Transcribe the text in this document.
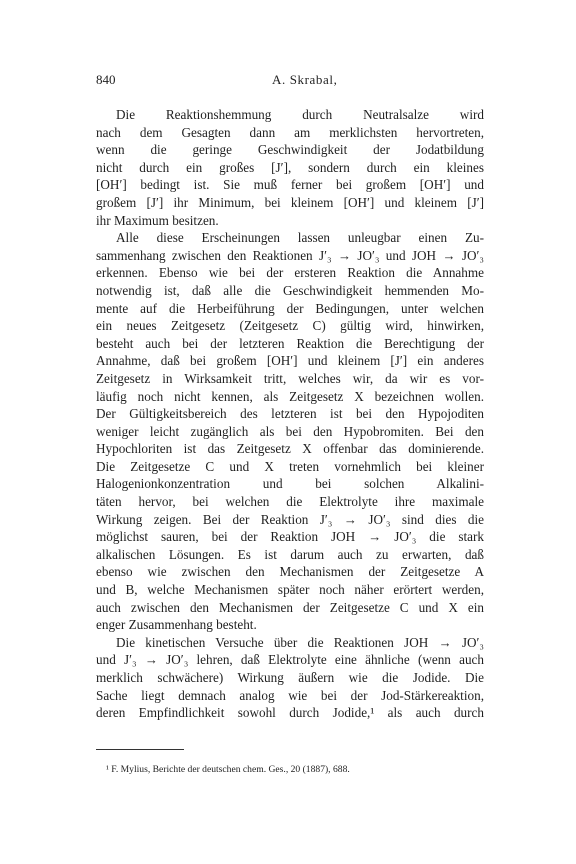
840	A. Skrabal,
Die Reaktionshemmung durch Neutralsalze wird
nach dem Gesagten dann am merklichsten hervortreten,
wenn die geringe Geschwindigkeit der Jodatbildung
nicht durch ein großes [J′], sondern durch ein kleines
[OH′] bedingt ist. Sie muß ferner bei großem [OH′] und
großem [J′] ihr Minimum, bei kleinem [OH′] und kleinem [J′]
ihr Maximum besitzen.
Alle diese Erscheinungen lassen unleugbar einen Zu-
sammenhang zwischen den Reaktionen J′₃ → JO′₃ und JOH → JO′₃
erkennen. Ebenso wie bei der ersteren Reaktion die Annahme
notwendig ist, daß alle die Geschwindigkeit hemmenden Mo-
mente auf die Herbeiführung der Bedingungen, unter welchen
ein neues Zeitgesetz (Zeitgesetz C) gültig wird, hinwirken,
besteht auch bei der letzteren Reaktion die Berechtigung der
Annahme, daß bei großem [OH′] und kleinem [J′] ein anderes
Zeitgesetz in Wirksamkeit tritt, welches wir, da wir es vor-
läufig noch nicht kennen, als Zeitgesetz X bezeichnen wollen.
Der Gültigkeitsbereich des letzteren ist bei den Hypojoditen
weniger leicht zugänglich als bei den Hypobromiten. Bei den
Hypochloriten ist das Zeitgesetz X offenbar das dominierende.
Die Zeitgesetze C und X treten vornehmlich bei kleiner
Halogenionkonzentration und bei solchen Alkalini-
täten hervor, bei welchen die Elektrolyte ihre maximale
Wirkung zeigen. Bei der Reaktion J′₃ → JO′₃ sind dies die
möglichst sauren, bei der Reaktion JOH → JO′₃ die stark
alkalischen Lösungen. Es ist darum auch zu erwarten, daß
ebenso wie zwischen den Mechanismen der Zeitgesetze A
und B, welche Mechanismen später noch näher erörtert werden,
auch zwischen den Mechanismen der Zeitgesetze C und X ein
enger Zusammenhang besteht.
Die kinetischen Versuche über die Reaktionen JOH → JO′₃
und J′₃ → JO′₃ lehren, daß Elektrolyte eine ähnliche (wenn auch
merklich schwächere) Wirkung äußern wie die Jodide. Die
Sache liegt demnach analog wie bei der Jod-Stärkereaktion,
deren Empfindlichkeit sowohl durch Jodide,¹ als auch durch
¹ F. Mylius, Berichte der deutschen chem. Ges., 20 (1887), 688.
